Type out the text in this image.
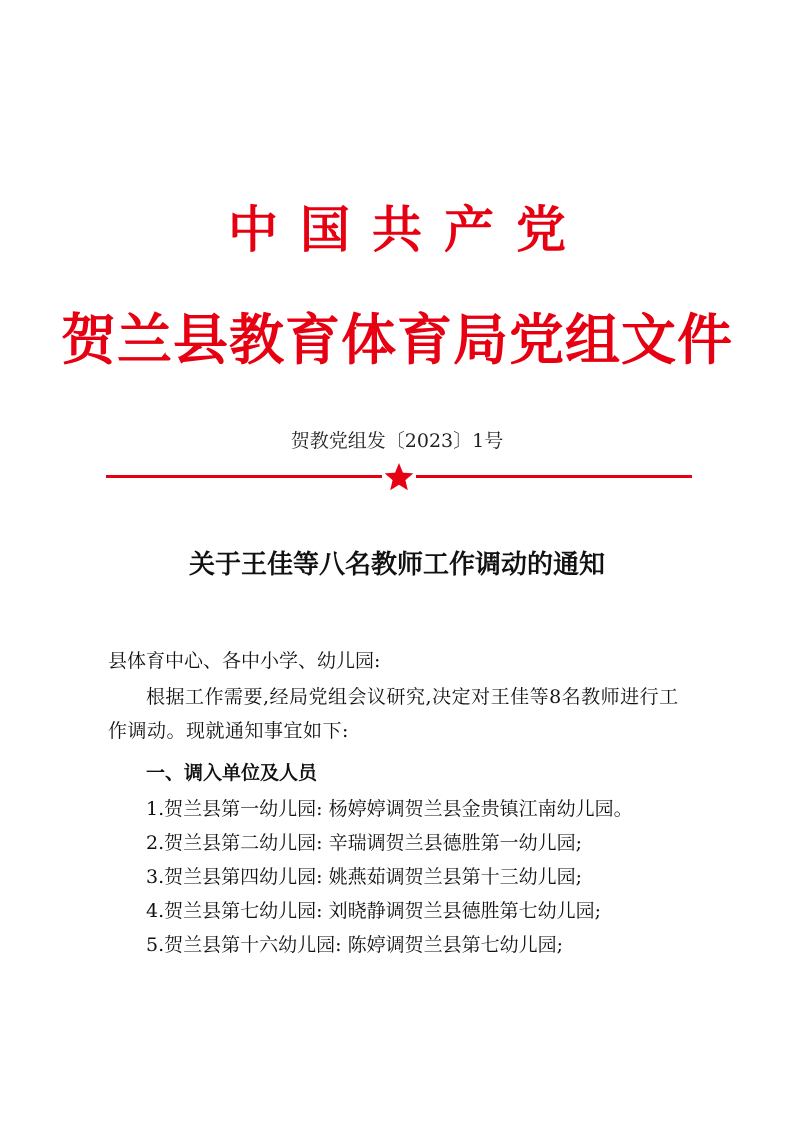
中国共产党
贺兰县教育体育局党组文件
贺教党组发〔2023〕1号
关于王佳等八名教师工作调动的通知
县体育中心、各中小学、幼儿园:
根据工作需要,经局党组会议研究,决定对王佳等8名教师进行工作调动。现就通知事宜如下:
一、调入单位及人员
1.贺兰县第一幼儿园: 杨婷婷调贺兰县金贵镇江南幼儿园。
2.贺兰县第二幼儿园: 辛瑞调贺兰县德胜第一幼儿园;
3.贺兰县第四幼儿园: 姚燕茹调贺兰县第十三幼儿园;
4.贺兰县第七幼儿园: 刘晓静调贺兰县德胜第七幼儿园;
5.贺兰县第十六幼儿园: 陈婷调贺兰县第七幼儿园;
